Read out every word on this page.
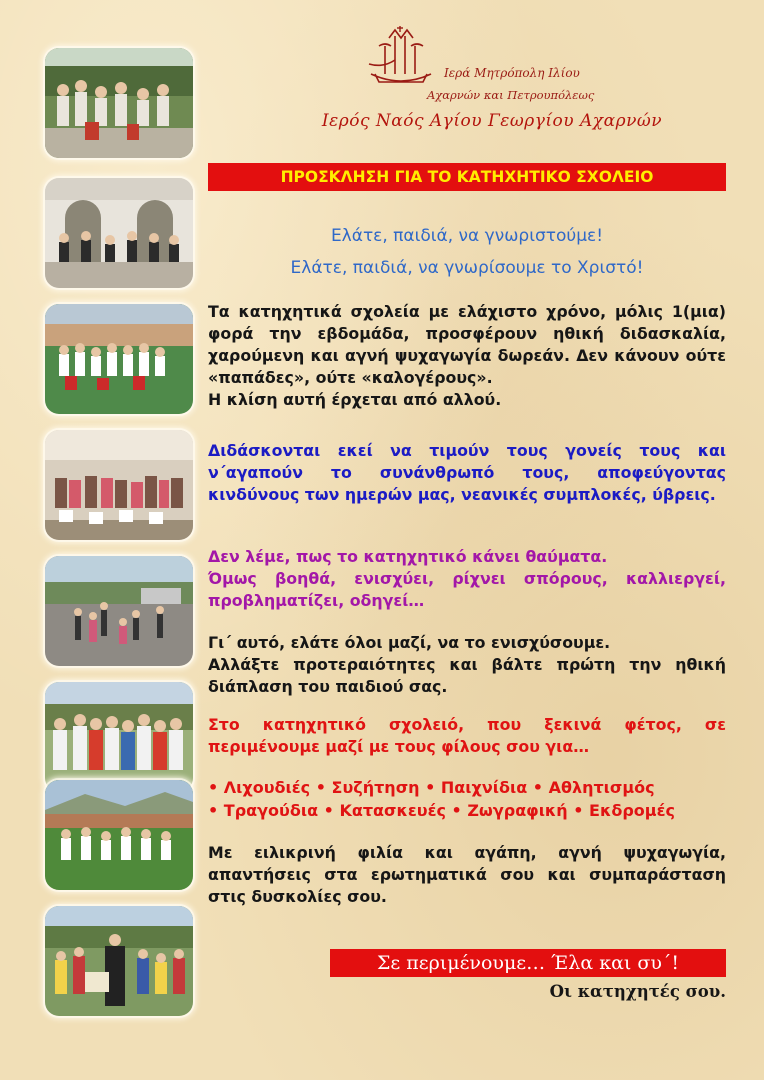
Ιερά Μητρόπολη Ιλίου
Αχαρνών και Πετρουπόλεως
Ιερός Ναός Αγίου Γεωργίου Αχαρνών
ΠΡΟΣΚΛΗΣΗ ΓΙΑ ΤΟ ΚΑΤΗΧΗΤΙΚΟ ΣΧΟΛΕΙΟ
Ελάτε, παιδιά, να γνωριστούμε!
Ελάτε, παιδιά, να γνωρίσουμε το Χριστό!

Τα κατηχητικά σχολεία με ελάχιστο χρόνο, μόλις 1(μια) φορά την εβδομάδα, προσφέρουν ηθική διδασκαλία, χαρούμενη και αγνή ψυχαγωγία δωρεάν. Δεν κάνουν ούτε «παπάδες», ούτε «καλογέρους».

Η κλίση αυτή έρχεται από αλλού.

Διδάσκονται εκεί να τιμούν τους γονείς τους και ν΄αγαπούν το συνάνθρωπό τους, αποφεύγοντας κινδύνους των ημερών μας, νεανικές συμπλοκές, ύβρεις.

Δεν λέμε, πως το κατηχητικό κάνει θαύματα.

Όμως βοηθά, ενισχύει, ρίχνει σπόρους, καλλιεργεί, προβληματίζει, οδηγεί…

Γι΄ αυτό, ελάτε όλοι μαζί, να το ενισχύσουμε.

Αλλάξτε προτεραιότητες και βάλτε πρώτη την ηθική διάπλαση του παιδιού σας.

Στο κατηχητικό σχολειό, που ξεκινά φέτος, σε περιμένουμε μαζί με τους φίλους σου για…

• Λιχουδιές • Συζήτηση • Παιχνίδια • Αθλητισμός
• Τραγούδια • Κατασκευές • Ζωγραφική • Εκδρομές

Με ειλικρινή φιλία και αγάπη, αγνή ψυχαγωγία, απαντήσεις στα ερωτηματικά σου και συμπαράσταση στις δυσκολίες σου.

Σε περιμένουμε… Έλα και συ΄!
Οι κατηχητές σου.
